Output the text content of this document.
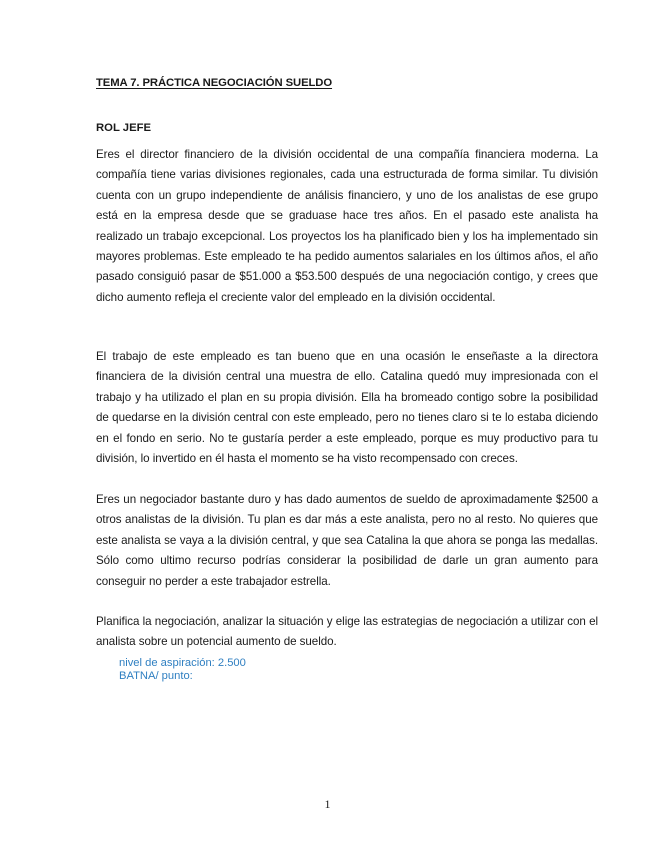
TEMA 7. PRÁCTICA NEGOCIACIÓN SUELDO
ROL JEFE

Eres el director financiero de la división occidental de una compañía financiera moderna. La compañía tiene varias divisiones regionales, cada una estructurada de forma similar. Tu división cuenta con un grupo independiente de análisis financiero, y uno de los analistas de ese grupo está en la empresa desde que se graduase hace tres años. En el pasado este analista ha realizado un trabajo excepcional. Los proyectos los ha planificado bien y los ha implementado sin mayores problemas. Este empleado te ha pedido aumentos salariales en los últimos años, el año pasado consiguió pasar de $51.000 a $53.500 después de una negociación contigo, y crees que dicho aumento refleja el creciente valor del empleado en la división occidental.

El trabajo de este empleado es tan bueno que en una ocasión le enseñaste a la directora financiera de la división central una muestra de ello. Catalina quedó muy impresionada con el trabajo y ha utilizado el plan en su propia división. Ella ha bromeado contigo sobre la posibilidad de quedarse en la división central con este empleado, pero no tienes claro si te lo estaba diciendo en el fondo en serio. No te gustaría perder a este empleado, porque es muy productivo para tu división, lo invertido en él hasta el momento se ha visto recompensado con creces.

Eres un negociador bastante duro y has dado aumentos de sueldo de aproximadamente $2500 a otros analistas de la división. Tu plan es dar más a este analista, pero no al resto. No quieres que este analista se vaya a la división central, y que sea Catalina la que ahora se ponga las medallas. Sólo como ultimo recurso podrías considerar la posibilidad de darle un gran aumento para conseguir no perder a este trabajador estrella.

Planifica la negociación, analizar la situación y elige las estrategias de negociación a utilizar con el analista sobre un potencial aumento de sueldo.

nivel de aspiración: 2.500
BATNA/ punto:
1
